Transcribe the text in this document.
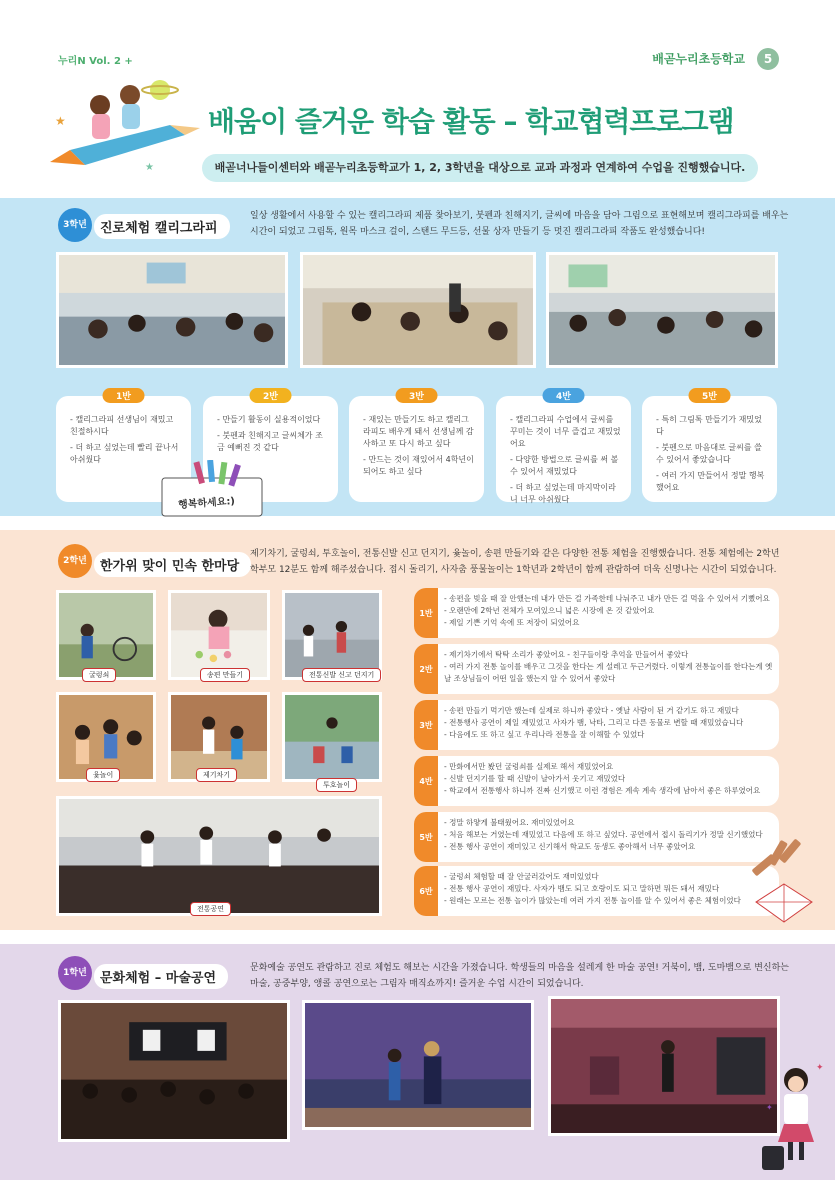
누리N Vol. 2 +	배곧누리초등학교	5
★
★
배움이 즐거운 학습 활동 – 학교협력프로그램
배곧너나들이센터와 배곧누리초등학교가 1, 2, 3학년을 대상으로 교과 과정과 연계하여 수업을 진행했습니다.
3학년	진로체험 캘리그라피
일상 생활에서 사용할 수 있는 캘리그라피 제품 찾아보기, 붓펜과 친해지기, 글씨에 마음을 담아 그림으로 표현해보며 캘리그라피를 배우는 시간이 되었고 그림톡, 원목 마스크 걸이, 스탠드 무드등, 선물 상자 만들기 등 멋진 캘리그라피 작품도 완성했습니다!
1반
- 캘리그라피 선생님이 재밌고 친절하시다
- 더 하고 싶었는데 빨리 끝나서 아쉬웠다
2반
- 만들기 활동이 실용적이었다
- 붓펜과 친해지고 글씨체가 조금 예뻐진 것 같다
3반
- 재있는 만들기도 하고 캘리그라피도 배우게 돼서 선생님께 감사하고 또 다시 하고 싶다
- 만드는 것이 재있어서 4학년이 되어도 하고 싶다
4반
- 캘리그라피 수업에서 글씨를 꾸미는 것이 너무 즐겁고 재밌었어요
- 다양한 방법으로 글씨를 써 볼 수 있어서 재밌었다
- 더 하고 싶었는데 마지막이라니 너무 아쉬웠다
5반
- 특히 그림톡 만들기가 재밌었다
- 붓펜으로 마음대로 글씨를 쓸 수 있어서 좋았습니다
- 여러 가지 만들어서 정말 행복했어요
행복하세요:)
2학년	한가위 맞이 민속 한마당
제기차기, 굴렁쇠, 투호놀이, 전통신발 신고 던지기, 윷놀이, 송편 만들기와 같은 다양한 전통 체험을 진행했습니다. 전통 체험에는 2학년 학부모 12분도 함께 해주셨습니다. 접시 돌리기, 사자춤 풍물놀이는 1학년과 2학년이 함께 관람하여 더욱 신명나는 시간이 되었습니다.
굴렁쇠	송편 만들기	전통신발 신고 던지기
윷놀이	제기차기
투호놀이
전통공연
1반
- 송편을 빚을 때 잘 안했는데 내가 만든 걸 가족한테 나눠주고 내가 만든 걸 먹을 수 있어서 기뻤어요
- 오랜만에 2학년 전체가 모여있으니 넓은 시장에 온 것 같았어요
- 제일 기쁜 기억 속에 또 저장이 되었어요
2반
- 제기차기에서 탁탁 소리가 좋았어요 - 친구들이랑 추억을 만들어서 좋았다
- 여러 가지 전통 놀이를 배우고 그것을 한다는 게 설레고 두근거렸다. 이렇게 전통놀이를 한다는게 옛날 조상님들이 어떤 일을 했는지 알 수 있어서 좋았다
3반
- 송편 만들기 먹기만 했는데 실제로 하니까 좋았다 - 옛날 사람이 된 거 같기도 하고 재밌다
- 전통행사 공연이 제일 재밌었고 사자가 뱀, 낙타, 그리고 다른 동물로 변할 때 재밌었습니다
- 다음에도 또 하고 싶고 우리나라 전통을 잘 이해할 수 있었다
4반
- 만화에서만 봤던 굴렁쇠를 실제로 해서 재밌었어요
- 신발 던지기를 할 때 신발이 날아가서 웃기고 재밌었다
- 학교에서 전통행사 하니까 진짜 신기했고 이런 경험은 계속 계속 생각에 남아서 좋은 하루였어요
5반
- 정말 하얗게 불태웠어요. 재미있었어요
- 처음 해보는 거였는데 재밌었고 다음에 또 하고 싶었다. 공연에서 접시 돌리기가 정말 신기했었다
- 전통 행사 공연이 재미있고 신기해서 학교도 동생도 좋아해서 너무 좋았어요
6반
- 굴렁쇠 체험할 때 잘 안굴러갔어도 재미있었다
- 전통 행사 공연이 재밌다. 사자가 뱀도 되고 호랑이도 되고 말하면 뭐든 돼서 재밌다
- 원래는 모르는 전통 놀이가 많았는데 여러 가지 전통 놀이를 알 수 있어서 좋은 체험이었다
1학년	문화체험 – 마술공연
문화예술 공연도 관람하고 진로 체험도 해보는 시간을 가졌습니다. 학생들의 마음을 설레게 한 마술 공연! 거북이, 뱀, 도마뱀으로 변신하는 마술, 공중부양, 앵콜 공연으로는 그림자 매직쇼까지! 즐거운 수업 시간이 되었습니다.
✦
✦
